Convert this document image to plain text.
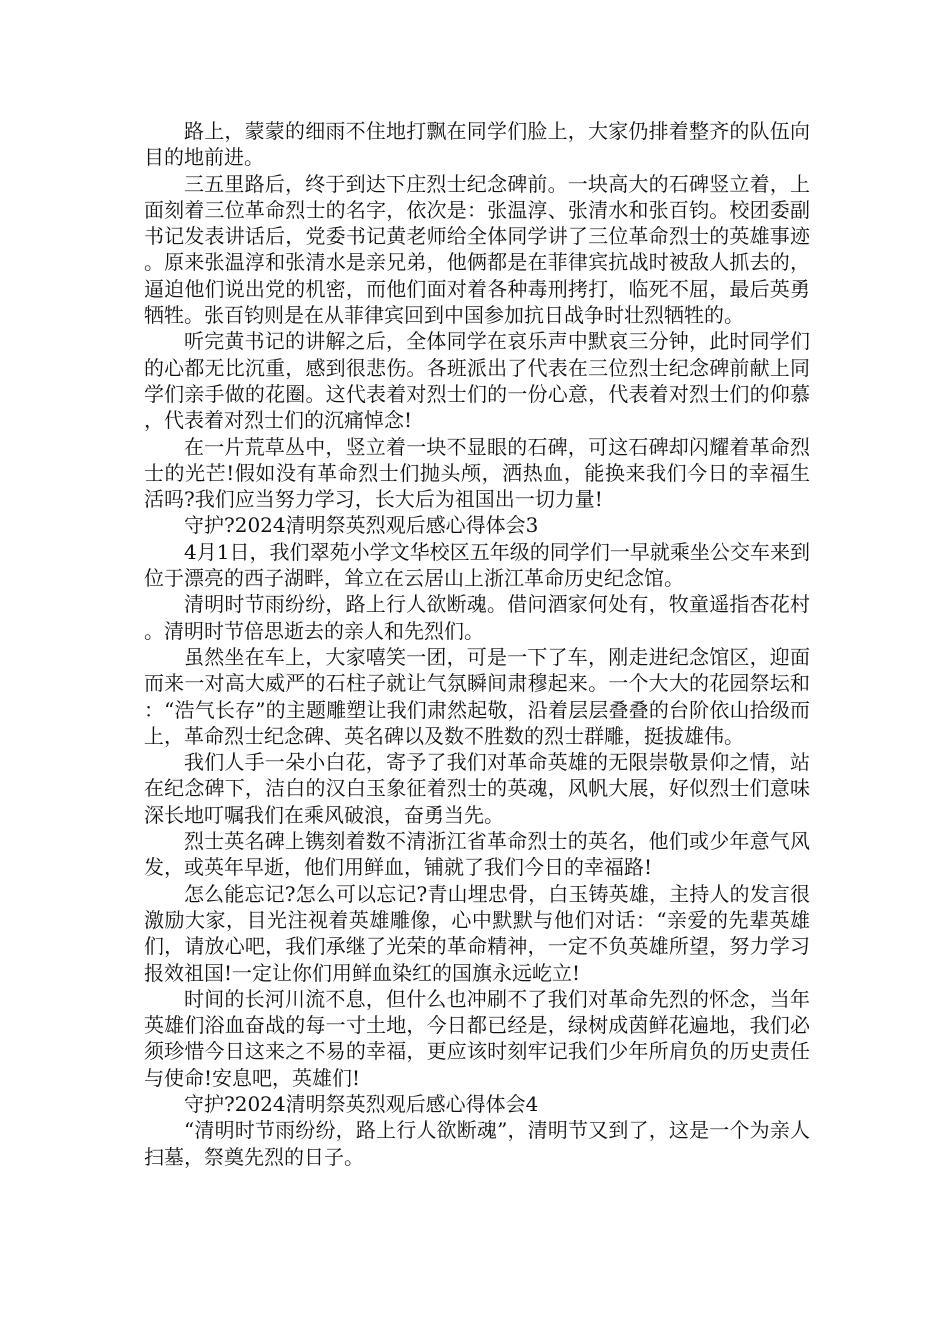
路上，蒙蒙的细雨不住地打飘在同学们脸上，大家仍排着整齐的队伍向目的地前进。

三五里路后，终于到达下庄烈士纪念碑前。一块高大的石碑竖立着，上面刻着三位革命烈士的名字，依次是：张温淳、张清水和张百钧。校团委副书记发表讲话后，党委书记黄老师给全体同学讲了三位革命烈士的英雄事迹。原来张温淳和张清水是亲兄弟，他俩都是在菲律宾抗战时被敌人抓去的，逼迫他们说出党的机密，而他们面对着各种毒刑拷打，临死不屈，最后英勇牺牲。张百钧则是在从菲律宾回到中国参加抗日战争时壮烈牺牲的。

听完黄书记的讲解之后，全体同学在哀乐声中默哀三分钟，此时同学们的心都无比沉重，感到很悲伤。各班派出了代表在三位烈士纪念碑前献上同学们亲手做的花圈。这代表着对烈士们的一份心意，代表着对烈士们的仰慕，代表着对烈士们的沉痛悼念!

在一片荒草丛中，竖立着一块不显眼的石碑，可这石碑却闪耀着革命烈士的光芒!假如没有革命烈士们抛头颅，洒热血，能换来我们今日的幸福生活吗?我们应当努力学习，长大后为祖国出一切力量!

守护?2024清明祭英烈观后感心得体会3

4月1日，我们翠苑小学文华校区五年级的同学们一早就乘坐公交车来到位于漂亮的西子湖畔，耸立在云居山上浙江革命历史纪念馆。

清明时节雨纷纷，路上行人欲断魂。借问酒家何处有，牧童遥指杏花村。清明时节倍思逝去的亲人和先烈们。

虽然坐在车上，大家嘻笑一团，可是一下了车，刚走进纪念馆区，迎面而来一对高大威严的石柱子就让气氛瞬间肃穆起来。一个大大的花园祭坛和：“浩气长存”的主题雕塑让我们肃然起敬，沿着层层叠叠的台阶依山拾级而上，革命烈士纪念碑、英名碑以及数不胜数的烈士群雕，挺拔雄伟。

我们人手一朵小白花，寄予了我们对革命英雄的无限崇敬景仰之情，站在纪念碑下，洁白的汉白玉象征着烈士的英魂，风帆大展，好似烈士们意味深长地叮嘱我们在乘风破浪，奋勇当先。

烈士英名碑上镌刻着数不清浙江省革命烈士的英名，他们或少年意气风发，或英年早逝，他们用鲜血，铺就了我们今日的幸福路!

怎么能忘记?怎么可以忘记?青山埋忠骨，白玉铸英雄，主持人的发言很激励大家，目光注视着英雄雕像，心中默默与他们对话：“亲爱的先辈英雄们，请放心吧，我们承继了光荣的革命精神，一定不负英雄所望，努力学习报效祖国!一定让你们用鲜血染红的国旗永远屹立!

时间的长河川流不息，但什么也冲刷不了我们对革命先烈的怀念，当年英雄们浴血奋战的每一寸土地，今日都已经是，绿树成茵鲜花遍地，我们必须珍惜今日这来之不易的幸福，更应该时刻牢记我们少年所肩负的历史责任与使命!安息吧，英雄们!

守护?2024清明祭英烈观后感心得体会4

“清明时节雨纷纷，路上行人欲断魂”，清明节又到了，这是一个为亲人扫墓，祭奠先烈的日子。
